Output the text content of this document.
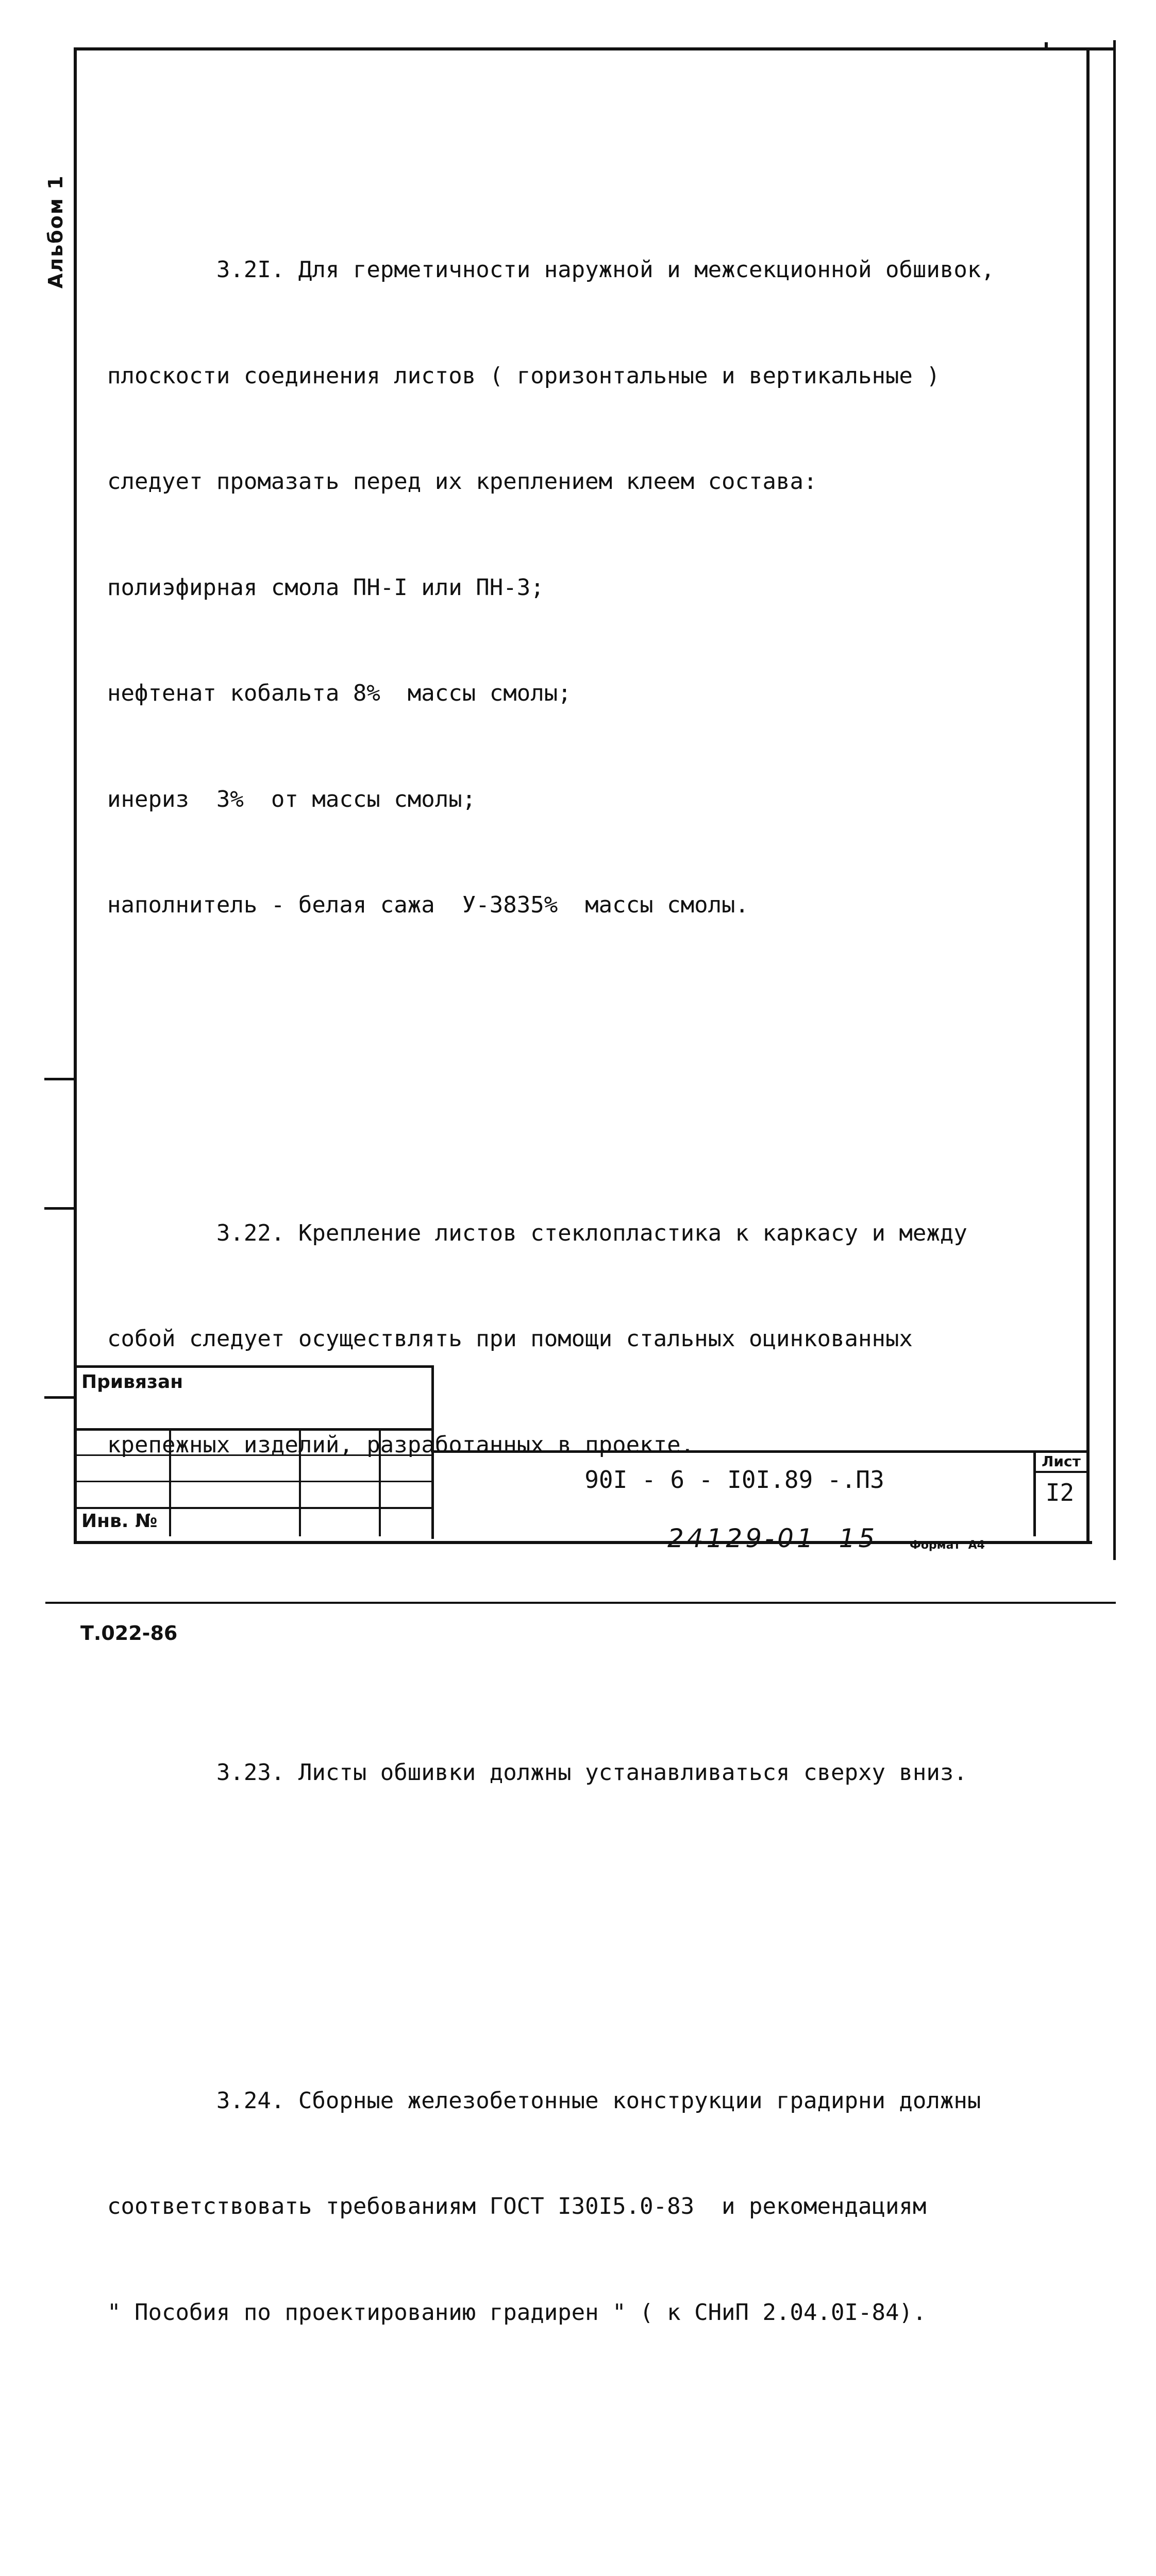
Альбом 1

3.2I. Для герметичности наружной и межсекционной обшивок,

плоскости соединения листов ( горизонтальные и вертикальные )

следует промазать перед их креплением клеем состава:

полиэфирная смола ПН-I или ПН-3;

нефтенат кобальта 8%  массы смолы;

инериз  3%  от массы смолы;

наполнитель - белая сажа  У-3835%  массы смолы.

3.22. Крепление листов стеклопластика к каркасу и между

собой следует осуществлять при помощи стальных оцинкованных

крепежных изделий, разработанных в проекте.

3.23. Листы обшивки должны устанавливаться сверху вниз.

3.24. Сборные железобетонные конструкции градирни должны

соответствовать требованиям ГОСТ I30I5.0-83  и рекомендациям

" Пособия по проектированию градирен " ( к СНиП 2.04.0I-84).

Привязан
Инв. №
Лист
I2
90I - 6 - I0I.89 -.ПЗ
24129-01  15	Формат  А4
Т.022-86
